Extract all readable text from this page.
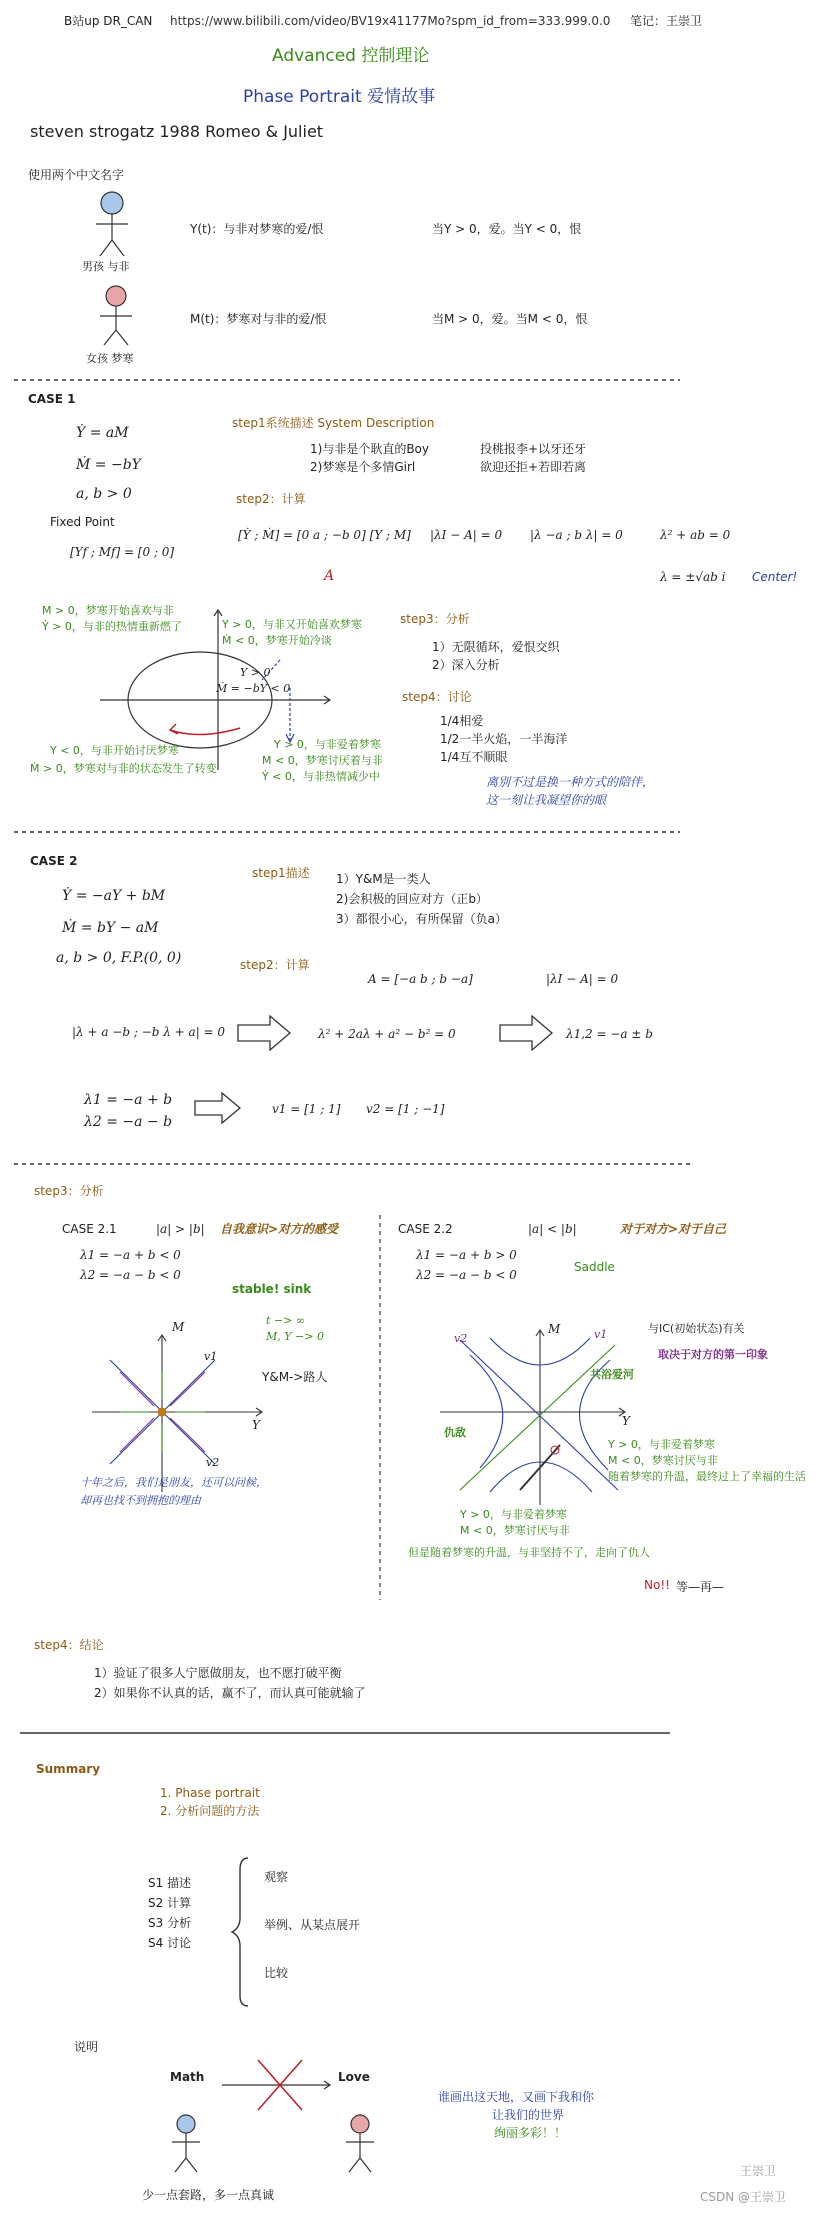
B站up DR_CAN https://www.bilibili.com/video/BV19x41177Mo?spm_id_from=333.999.0.0 笔记：王崇卫
Advanced 控制理论
Phase Portrait 爱情故事
steven strogatz 1988 Romeo & Juliet
使用两个中文名字
男孩 与非
女孩 梦寒
Y(t)：与非对梦寒的爱/恨	当Y > 0，爱。当Y < 0，恨
M(t)：梦寒对与非的爱/恨	当M > 0，爱。当M < 0，恨
CASE 1
Ẏ = aM
Ṁ = −bY
a, b > 0
Fixed Point
[Yf ; Mf] = [0 ; 0]
step1系统描述 System Description
1)与非是个耿直的Boy	投桃报李+以牙还牙
2)梦寒是个多情Girl	欲迎还拒+若即若离
step2：计算
[Ẏ ; Ṁ] = [0 a ; −b 0] [Y ; M]
A
|λI − A| = 0 |λ −a ; b λ| = 0	λ² + ab = 0
λ = ±√ab i Center!
M > 0，梦寒开始喜欢与非
Ẏ > 0，与非的热情重新燃了	Y > 0，与非又开始喜欢梦寒
Ṁ < 0，梦寒开始冷谈
Y > 0
Ṁ = −bY < 0
Y < 0，与非开始讨厌梦寒
Ṁ > 0，梦寒对与非的状态发生了转变
Y > 0，与非爱着梦寒
M < 0，梦寒讨厌着与非
Ẏ < 0，与非热情减少中
step3：分析
1）无限循环，爱恨交织
2）深入分析
step4：讨论
1/4相爱
1/2一半火焰，一半海洋
1/4互不顺眼
离别不过是换一种方式的陪伴，
这一刻让我凝望你的眼
CASE 2
Ẏ = −aY + bM
Ṁ = bY − aM
a, b > 0, F.P.(0, 0)
step1描述 1）Y&M是一类人
2)会积极的回应对方（正b）
3）都很小心，有所保留（负a）
step2：计算
A = [−a b ; b −a]	|λI − A| = 0
|λ + a −b ; −b λ + a| = 0	λ² + 2aλ + a² − b² = 0	λ1,2 = −a ± b
λ1 = −a + b
λ2 = −a − b
v1 = [1 ; 1] v2 = [1 ; −1]
step3：分析
CASE 2.1	|a| > |b| 自我意识>对方的感受
λ1 = −a + b < 0
λ2 = −a − b < 0
stable! sink
t −> ∞
M, Y −> 0
Y&M->路人
M
Y
v1
v2
十年之后，我们是朋友，还可以问候，
却再也找不到拥抱的理由
CASE 2.2	|a| < |b|	对于对方>对于自己
λ1 = −a + b > 0
λ2 = −a − b < 0
Saddle
与IC(初始状态)有关
取决于对方的第一印象
共浴爱河
仇敌
M
Y
v2	v1
Y > 0，与非爱着梦寒
M < 0，梦寒讨厌与非
随着梦寒的升温，最终过上了幸福的生活
Y > 0，与非爱着梦寒
M < 0，梦寒讨厌与非
但是随着梦寒的升温，与非坚持不了，走向了仇人
No!! 等—再—
step4：结论
1）验证了很多人宁愿做朋友，也不愿打破平衡
2）如果你不认真的话，赢不了，而认真可能就输了
Summary
1. Phase portrait
2. 分析问题的方法
S1 描述
S2 计算
S3 分析
S4 讨论
观察
举例、从某点展开
比较
说明
Math	Love
谁画出这天地，又画下我和你
让我们的世界
绚丽多彩！！
少一点套路，多一点真诚
王崇卫
CSDN @王崇卫
